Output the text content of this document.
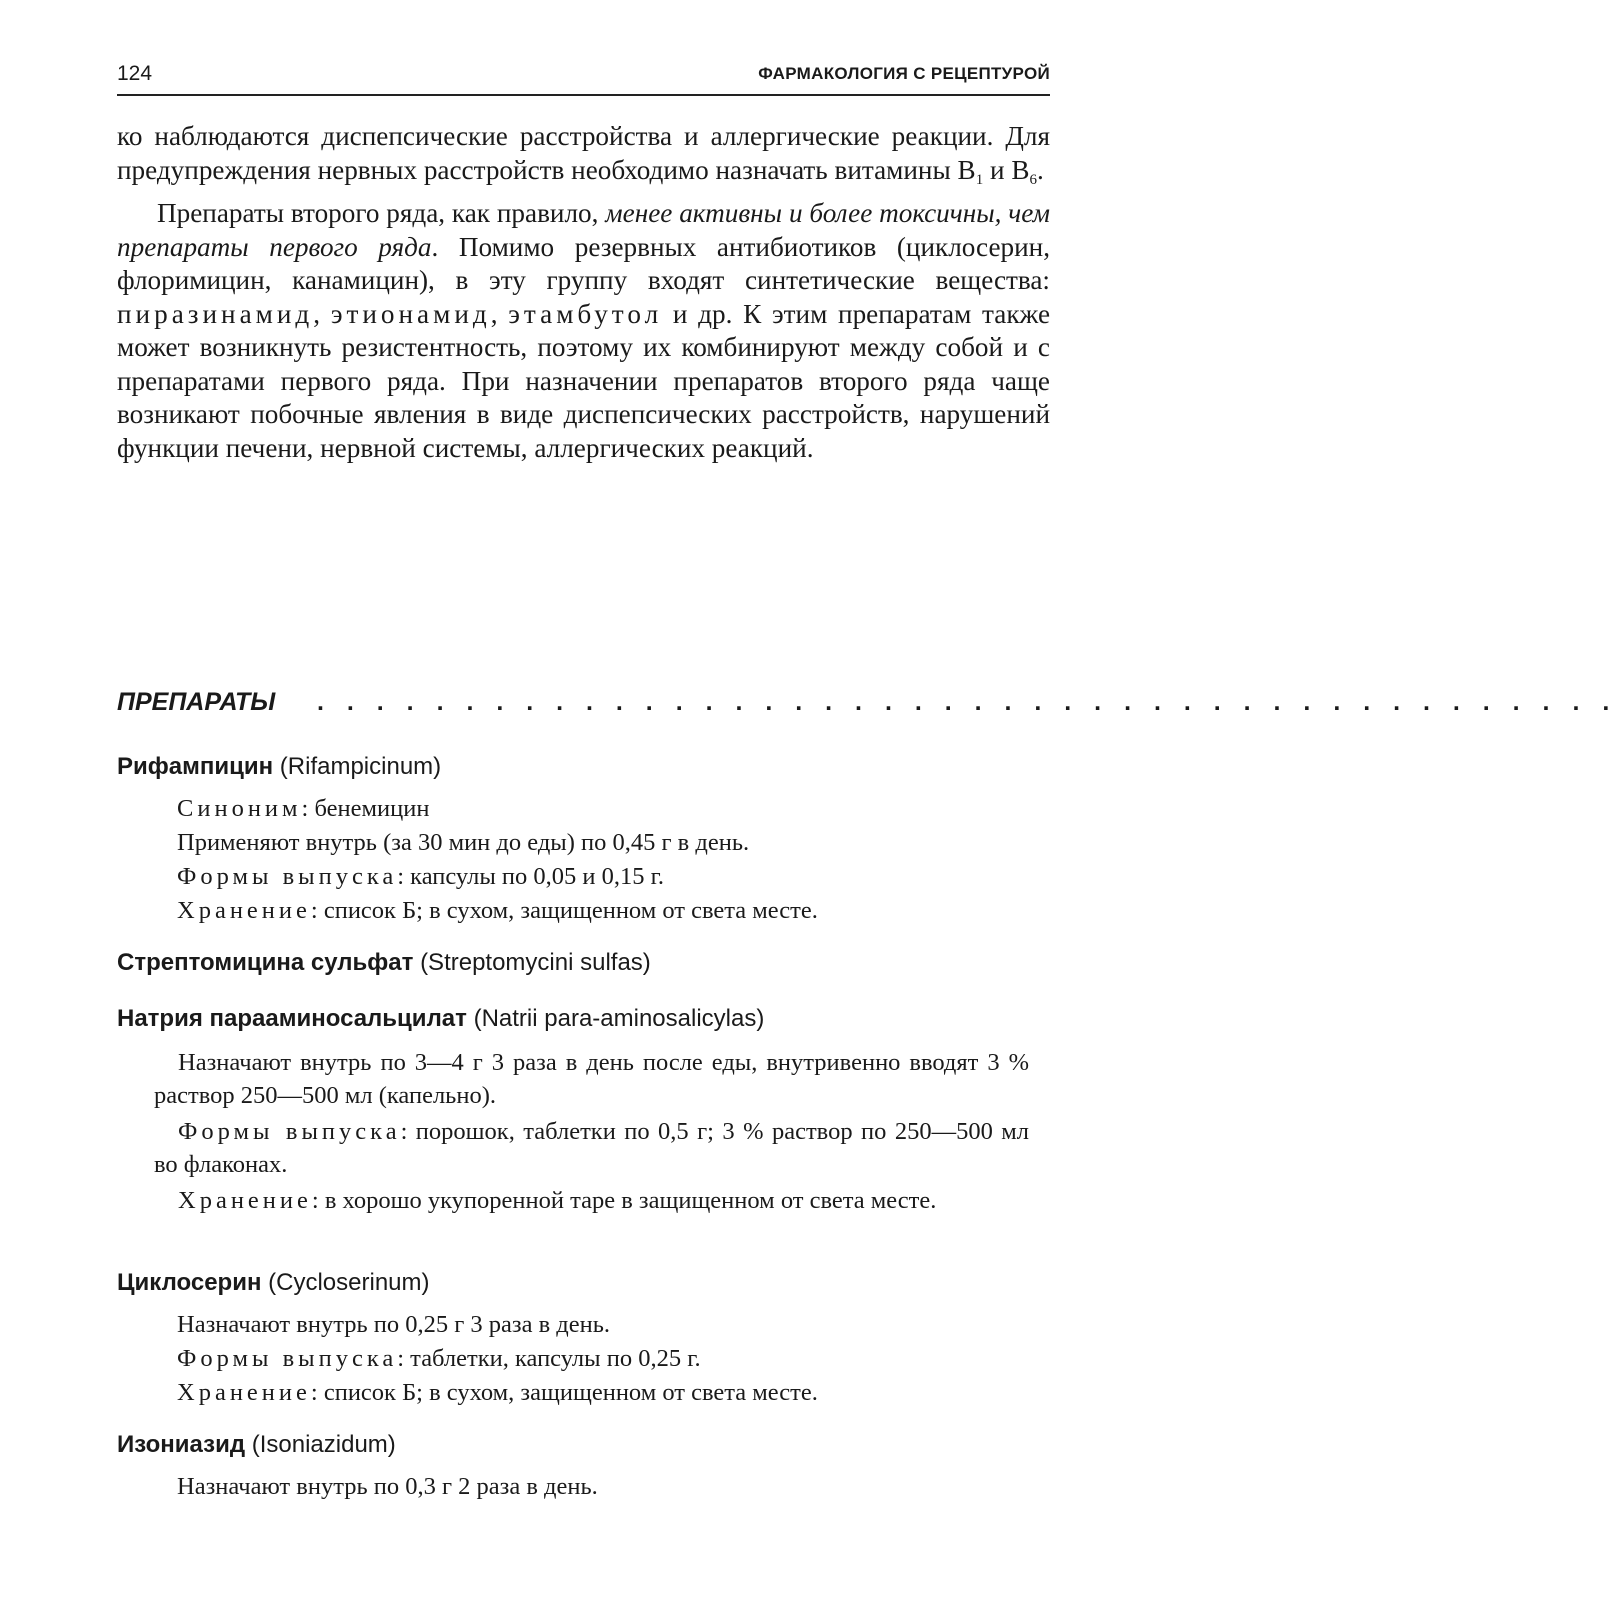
124	ФАРМАКОЛОГИЯ С РЕЦЕПТУРОЙ

ко наблюдаются диспепсические расстройства и аллергические реакции. Для предупреждения нервных расстройств необходимо назначать витамины $B_1$ и $B_6$.

Препараты второго ряда, как правило, менее активны и более токсичны, чем препараты первого ряда. Помимо резервных антибиотиков (циклосерин, флоримицин, канамицин), в эту группу входят синтетические вещества: пиразинамид, этионамид, этамбутол и др. К этим препаратам также может возникнуть резистентность, поэтому их комбинируют между собой и с препаратами первого ряда. При назначении препаратов второго ряда чаще возникают побочные явления в виде диспепсических расстройств, нарушений функции печени, нервной системы, аллергических реакций.

ПРЕПАРАТЫ . . . . . . . . . . . . . . . . . . . . . . . . . . . . . . . . . . . . . . . . . . . .
Рифампицин (Rifampicinum)
Синоним: бенемицин
Применяют внутрь (за 30 мин до еды) по 0,45 г в день.
Формы выпуска: капсулы по 0,05 и 0,15 г.
Хранение: список Б; в сухом, защищенном от света месте.
Стрептомицина сульфат (Streptomycini sulfas)
Натрия парааминосальцилат (Natrii para-aminosalicylas)
Назначают внутрь по 3—4 г 3 раза в день после еды, внутривенно вводят 3 % раствор 250—500 мл (капельно).
Формы выпуска: порошок, таблетки по 0,5 г; 3 % раствор по 250—500 мл во флаконах.
Хранение: в хорошо укупоренной таре в защищенном от света месте.
Циклосерин (Cycloserinum)
Назначают внутрь по 0,25 г 3 раза в день.
Формы выпуска: таблетки, капсулы по 0,25 г.
Хранение: список Б; в сухом, защищенном от света месте.
Изониазид (Isoniazidum)
Назначают внутрь по 0,3 г 2 раза в день.
